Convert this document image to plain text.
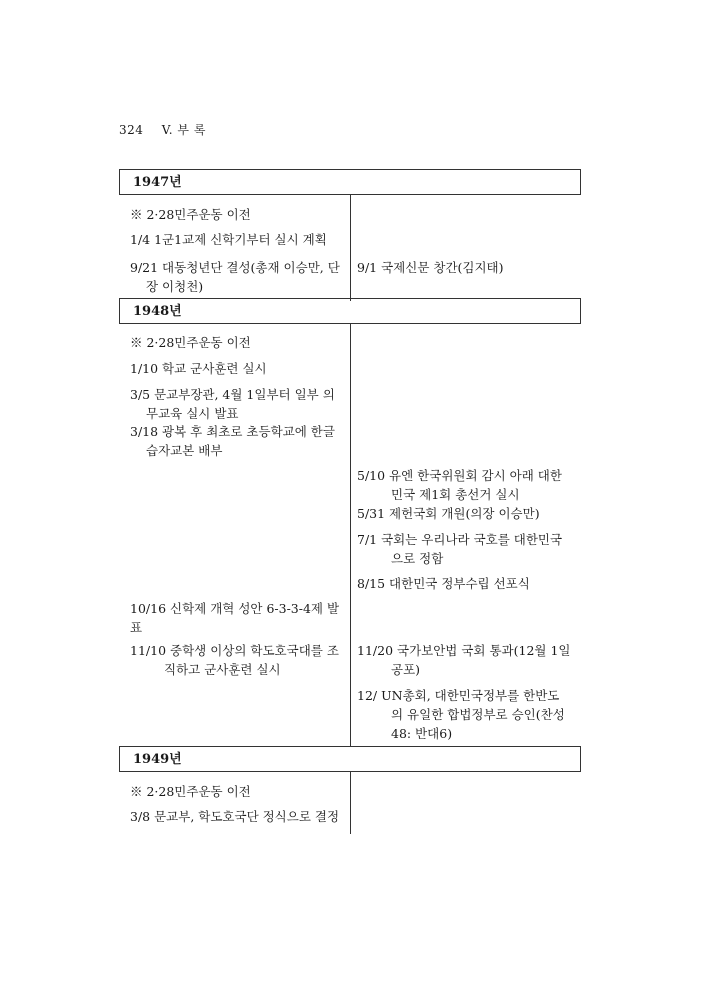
324 V. 부 록
1947년
※ 2·28민주운동 이전
1/4 1군1교제 신학기부터 실시 계획
9/21 대동청년단 결성(총재 이승만, 단
장 이청천)
9/1 국제신문 창간(김지태)
1948년
※ 2·28민주운동 이전
1/10 학교 군사훈련 실시
3/5 문교부장관, 4월 1일부터 일부 의
무교육 실시 발표
3/18 광복 후 최초로 초등학교에 한글
습자교본 배부
5/10 유엔 한국위원회 감시 아래 대한
민국 제1회 총선거 실시
5/31 제헌국회 개원(의장 이승만)
7/1 국회는 우리나라 국호를 대한민국
으로 정함
8/15 대한민국 정부수립 선포식
10/16 신학제 개혁 성안 6-3-3-4제 발
표
11/10 중학생 이상의 학도호국대를 조
직하고 군사훈련 실시
11/20 국가보안법 국회 통과(12월 1일
공포)
12/ UN총회, 대한민국정부를 한반도
의 유일한 합법정부로 승인(찬성
48: 반대6)
1949년
※ 2·28민주운동 이전
3/8 문교부, 학도호국단 정식으로 결정
